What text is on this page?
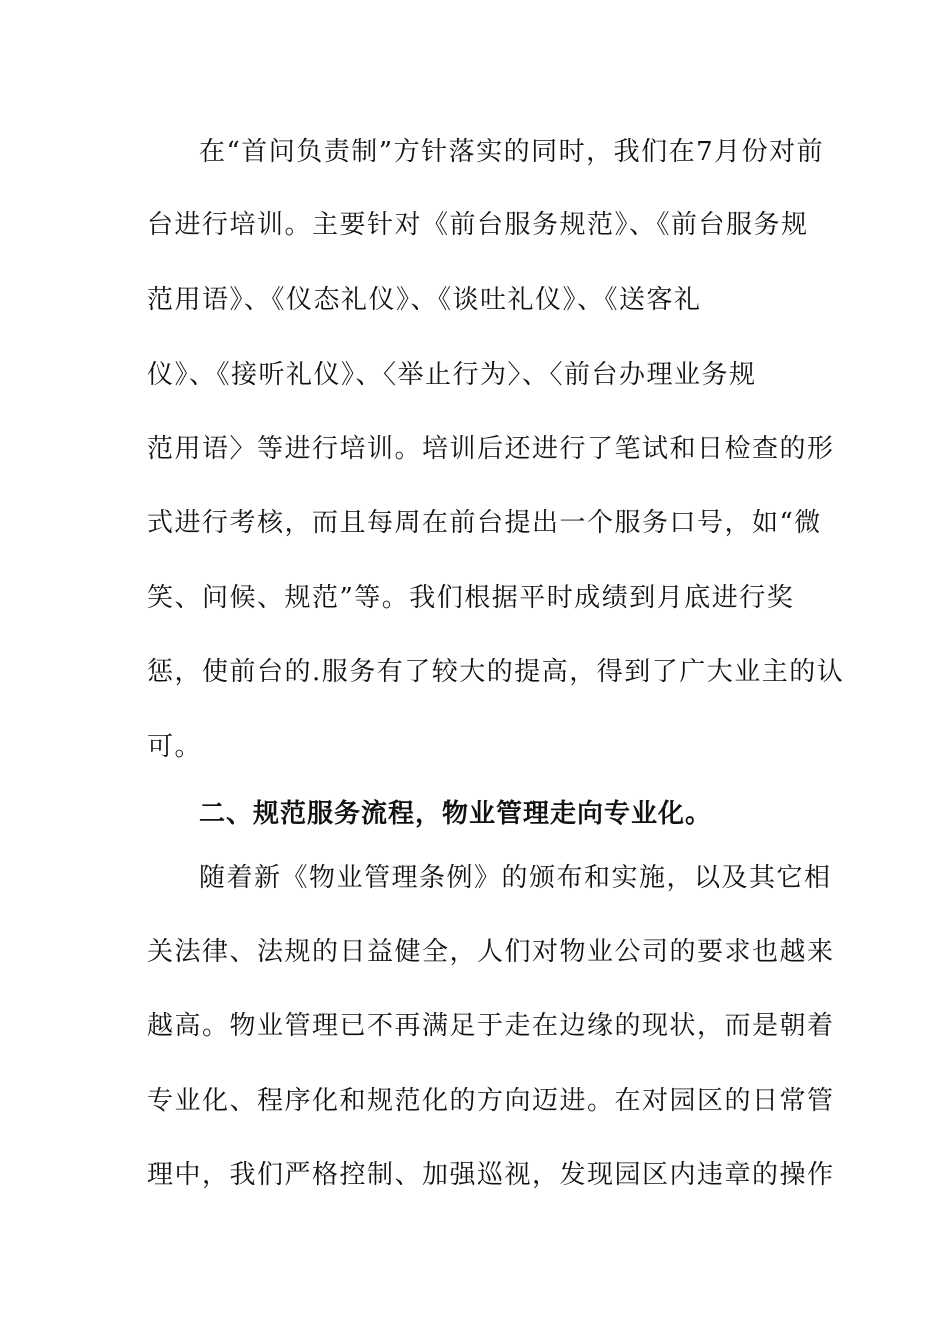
在“首问负责制”方针落实的同时，我们在7月份对前
台进行培训。主要针对《前台服务规范》、《前台服务规
范用语》、《仪态礼仪》、《谈吐礼仪》、《送客礼
仪》、《接听礼仪》、〈举止行为〉、〈前台办理业务规
范用语〉等进行培训。培训后还进行了笔试和日检查的形
式进行考核，而且每周在前台提出一个服务口号，如“微
笑、问候、规范”等。我们根据平时成绩到月底进行奖
惩，使前台的.服务有了较大的提高，得到了广大业主的认
可。
二、规范服务流程，物业管理走向专业化。
随着新《物业管理条例》的颁布和实施，以及其它相
关法律、法规的日益健全，人们对物业公司的要求也越来
越高。物业管理已不再满足于走在边缘的现状，而是朝着
专业化、程序化和规范化的方向迈进。在对园区的日常管
理中，我们严格控制、加强巡视，发现园区内违章的操作
